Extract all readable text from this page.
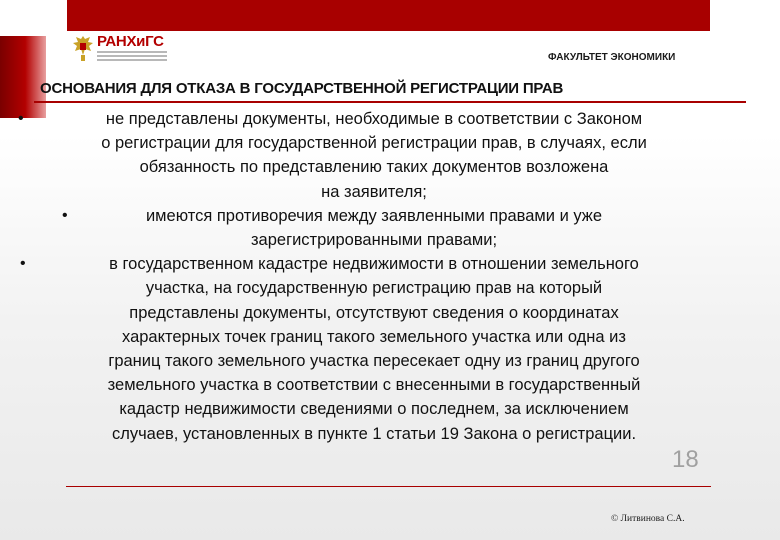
РАНХиГС
ФАКУЛЬТЕТ ЭКОНОМИКИ
ОСНОВАНИЯ ДЛЯ ОТКАЗА В ГОСУДАРСТВЕННОЙ РЕГИСТРАЦИИ ПРАВ
•	не представлены документы, необходимые в соответствии с Законом
о регистрации для государственной регистрации прав, в случаях, если
обязанность по представлению таких документов возложена
на заявителя;
•	имеются противоречия между заявленными правами и уже
зарегистрированными правами;
•	в государственном кадастре недвижимости в отношении земельного
участка, на государственную регистрацию прав на который
представлены документы, отсутствуют сведения о координатах
характерных точек границ такого земельного участка или одна из
границ такого земельного участка пересекает одну из границ другого
земельного участка в соответствии с внесенными в государственный
кадастр недвижимости сведениями о последнем, за исключением
случаев, установленных в пункте 1 статьи 19 Закона о регистрации.
18
© Литвинова С.А.
